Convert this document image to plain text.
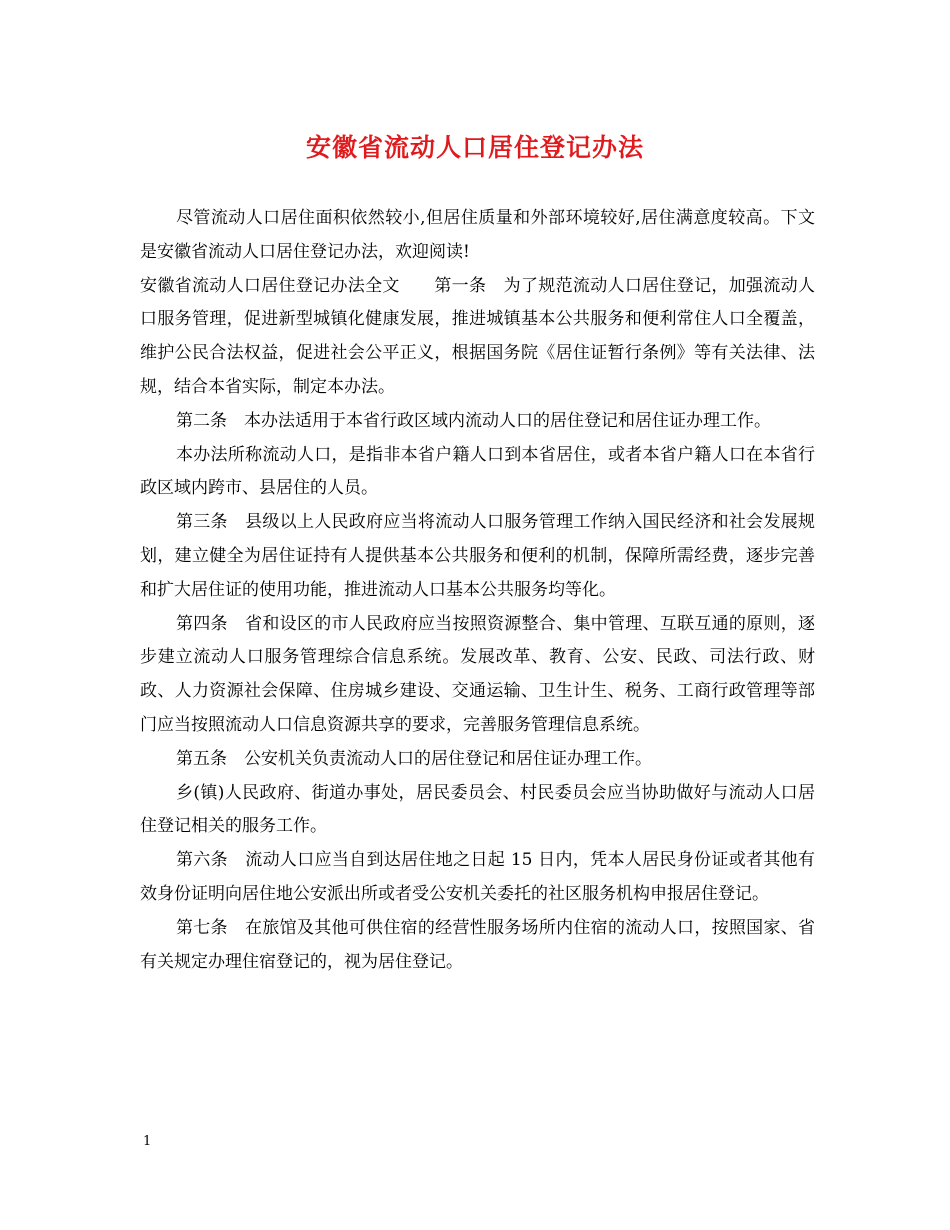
安徽省流动人口居住登记办法

尽管流动人口居住面积依然较小,但居住质量和外部环境较好,居住满意度较高。下文是安徽省流动人口居住登记办法，欢迎阅读!

安徽省流动人口居住登记办法全文　　第一条　为了规范流动人口居住登记，加强流动人口服务管理，促进新型城镇化健康发展，推进城镇基本公共服务和便利常住人口全覆盖，维护公民合法权益，促进社会公平正义，根据国务院《居住证暂行条例》等有关法律、法规，结合本省实际，制定本办法。

第二条　本办法适用于本省行政区域内流动人口的居住登记和居住证办理工作。

本办法所称流动人口，是指非本省户籍人口到本省居住，或者本省户籍人口在本省行政区域内跨市、县居住的人员。

第三条　县级以上人民政府应当将流动人口服务管理工作纳入国民经济和社会发展规划，建立健全为居住证持有人提供基本公共服务和便利的机制，保障所需经费，逐步完善和扩大居住证的使用功能，推进流动人口基本公共服务均等化。

第四条　省和设区的市人民政府应当按照资源整合、集中管理、互联互通的原则，逐步建立流动人口服务管理综合信息系统。发展改革、教育、公安、民政、司法行政、财政、人力资源社会保障、住房城乡建设、交通运输、卫生计生、税务、工商行政管理等部门应当按照流动人口信息资源共享的要求，完善服务管理信息系统。

第五条　公安机关负责流动人口的居住登记和居住证办理工作。

乡(镇)人民政府、街道办事处，居民委员会、村民委员会应当协助做好与流动人口居住登记相关的服务工作。

第六条　流动人口应当自到达居住地之日起 15 日内，凭本人居民身份证或者其他有效身份证明向居住地公安派出所或者受公安机关委托的社区服务机构申报居住登记。

第七条　在旅馆及其他可供住宿的经营性服务场所内住宿的流动人口，按照国家、省有关规定办理住宿登记的，视为居住登记。

1
